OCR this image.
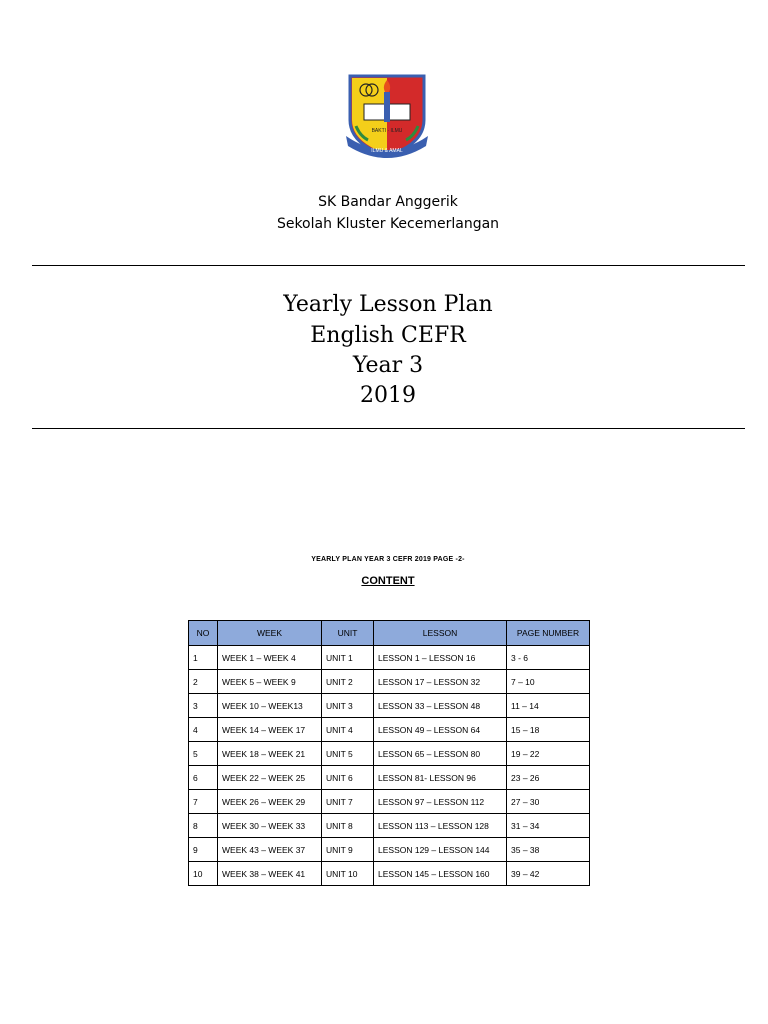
ILMU & AMAL
BAKTI · ILMU
SK Bandar Anggerik
Sekolah Kluster Kecemerlangan
Yearly Lesson Plan
English CEFR
Year 3
2019
YEARLY PLAN YEAR 3 CEFR 2019 PAGE -2-
CONTENT
NO	WEEK	UNIT	LESSON	PAGE NUMBER
1	WEEK 1 – WEEK 4	UNIT 1	LESSON 1 – LESSON 16	3 - 6
2	WEEK 5 – WEEK 9	UNIT 2	LESSON 17 – LESSON 32	7 – 10
3	WEEK 10 – WEEK13	UNIT 3	LESSON 33 – LESSON 48	11 – 14
4	WEEK 14 – WEEK 17	UNIT 4	LESSON 49 – LESSON 64	15 – 18
5	WEEK 18 – WEEK 21	UNIT 5	LESSON 65 – LESSON 80	19 – 22
6	WEEK 22 – WEEK 25	UNIT 6	LESSON 81- LESSON 96	23 – 26
7	WEEK 26 – WEEK 29	UNIT 7	LESSON 97 – LESSON 112	27 – 30
8	WEEK 30 – WEEK 33	UNIT 8	LESSON 113 – LESSON 128	31 – 34
9	WEEK 43 – WEEK 37	UNIT 9	LESSON 129 – LESSON 144	35 – 38
10	WEEK 38 – WEEK 41	UNIT 10	LESSON 145 – LESSON 160	39 – 42
